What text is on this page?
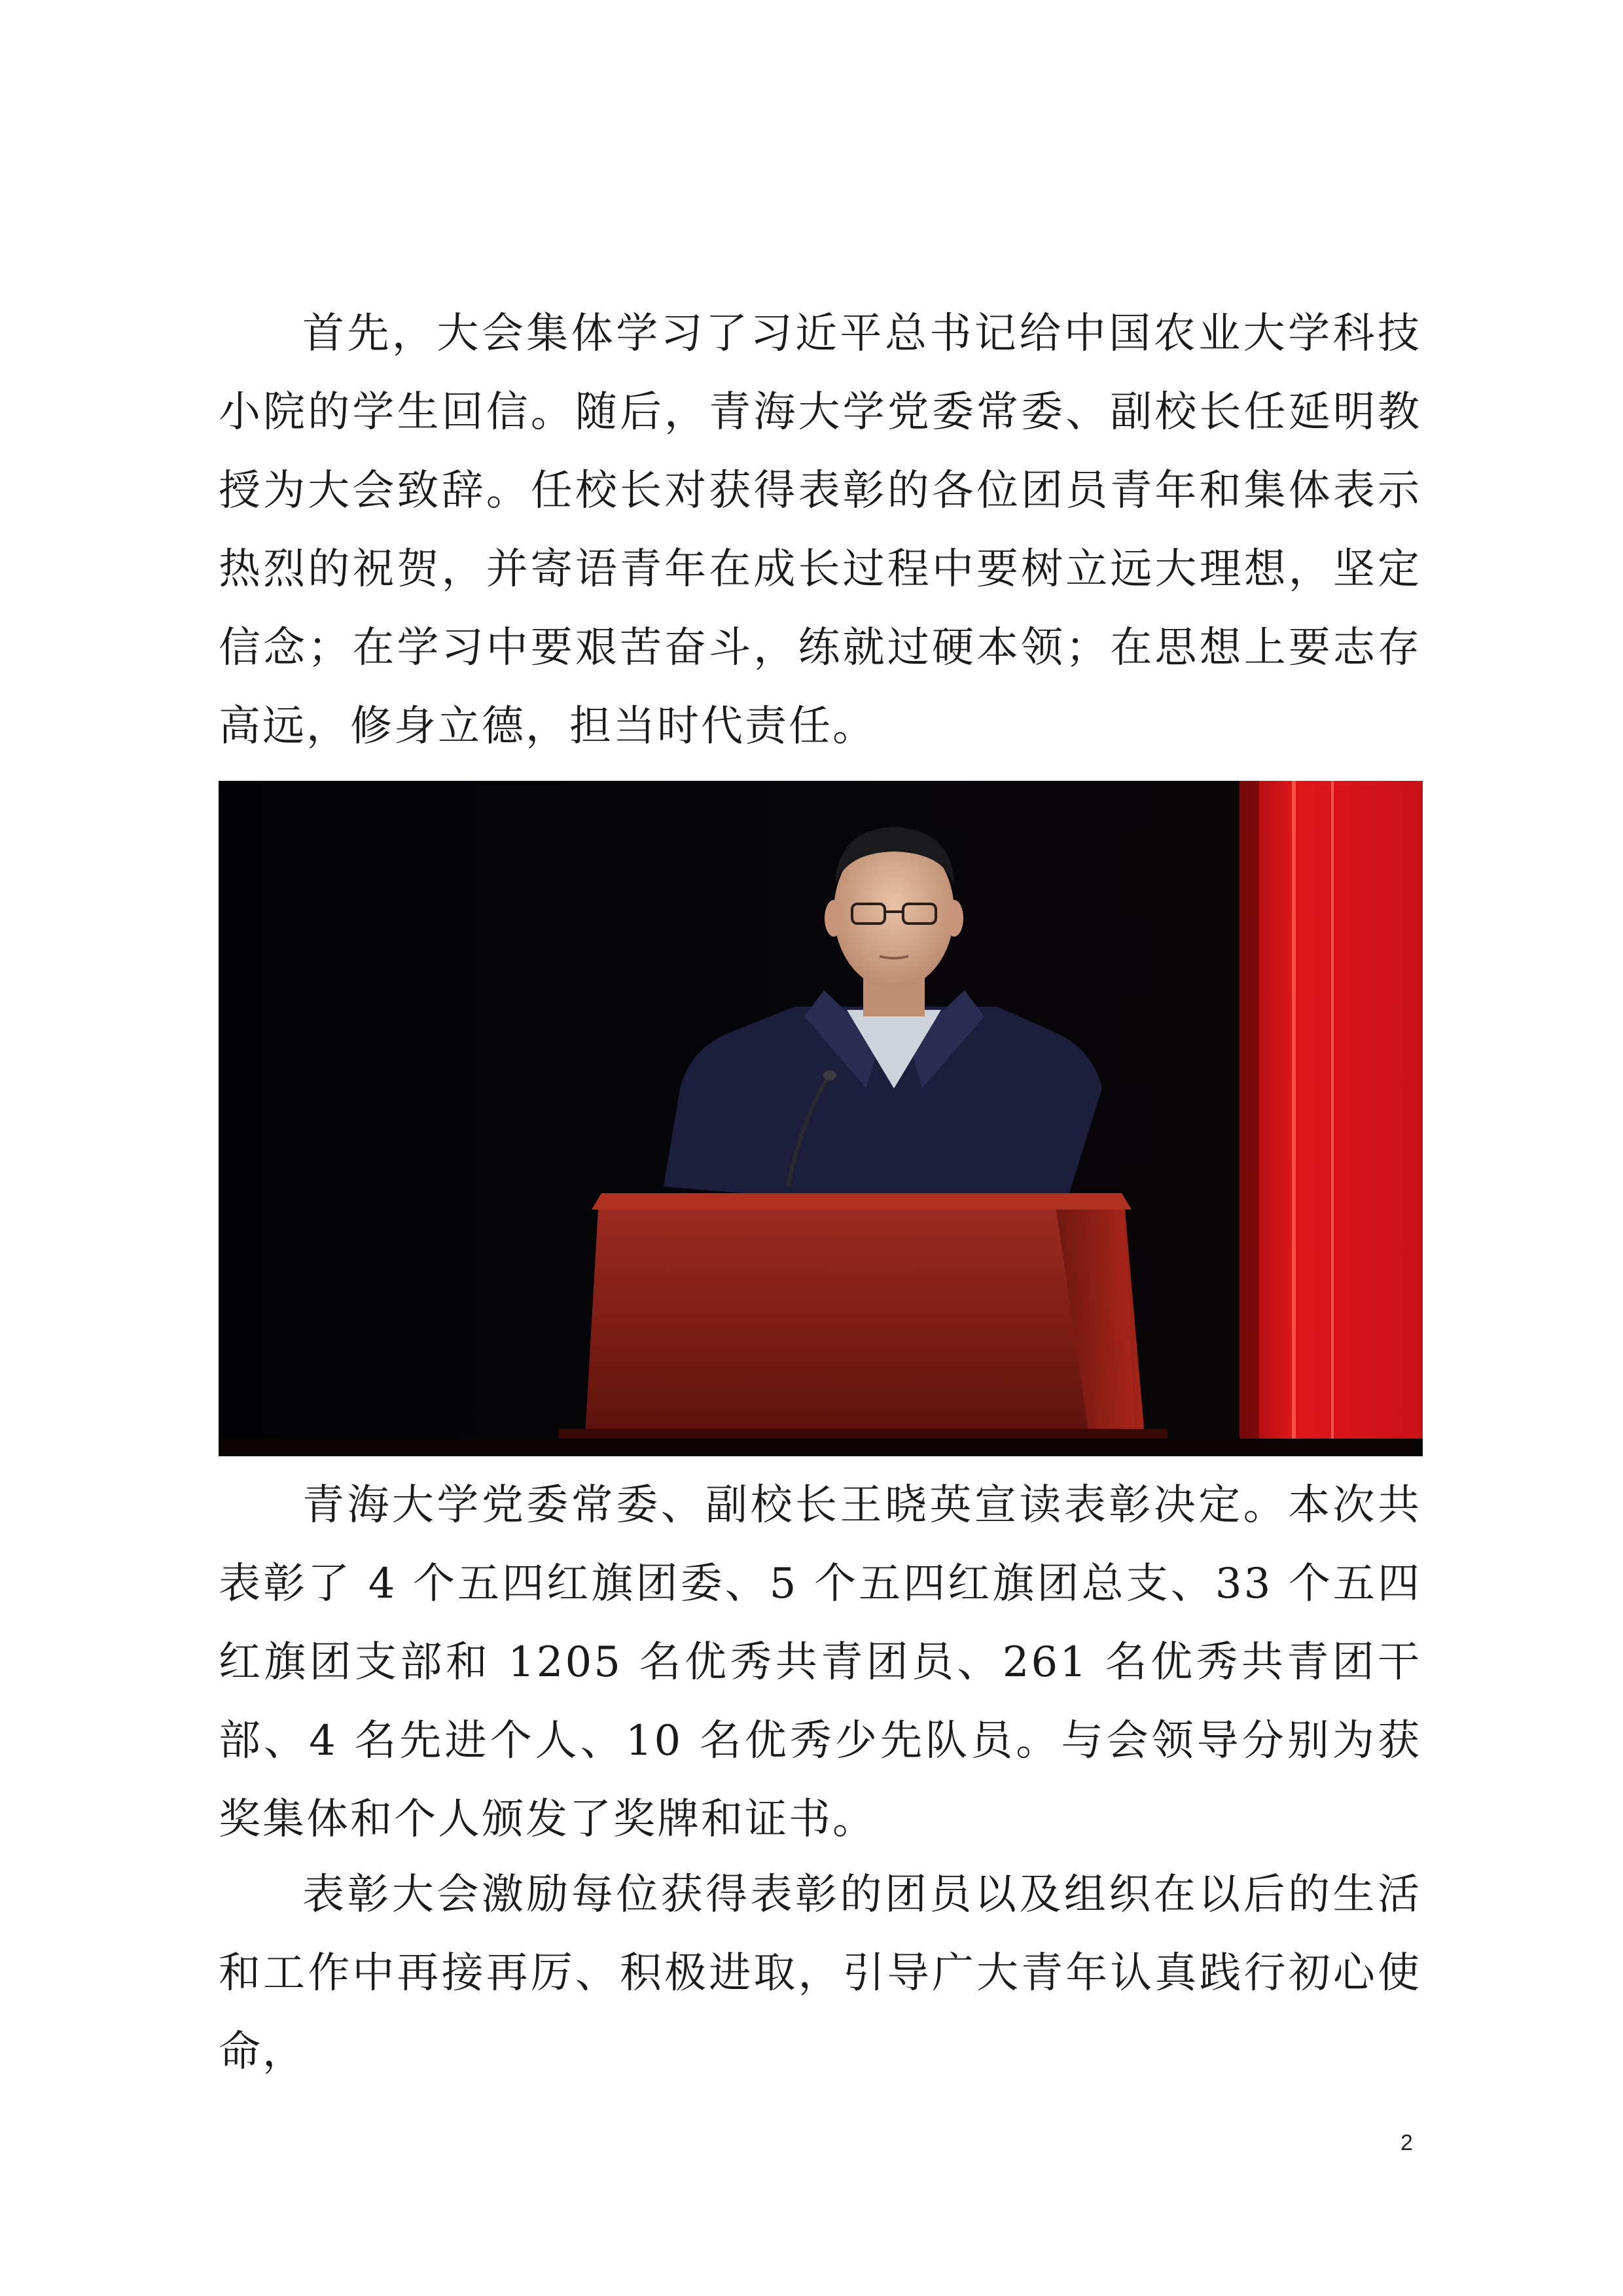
首先，大会集体学习了习近平总书记给中国农业大学科技小院的学生回信。随后，青海大学党委常委、副校长任延明教授为大会致辞。任校长对获得表彰的各位团员青年和集体表示热烈的祝贺，并寄语青年在成长过程中要树立远大理想，坚定信念；在学习中要艰苦奋斗，练就过硬本领；在思想上要志存高远，修身立德，担当时代责任。

青海大学党委常委、副校长王晓英宣读表彰决定。本次共表彰了 4 个五四红旗团委、5 个五四红旗团总支、33 个五四红旗团支部和 1205 名优秀共青团员、261 名优秀共青团干部、4 名先进个人、10 名优秀少先队员。与会领导分别为获奖集体和个人颁发了奖牌和证书。

表彰大会激励每位获得表彰的团员以及组织在以后的生活和工作中再接再厉、积极进取，引导广大青年认真践行初心使命，

2
